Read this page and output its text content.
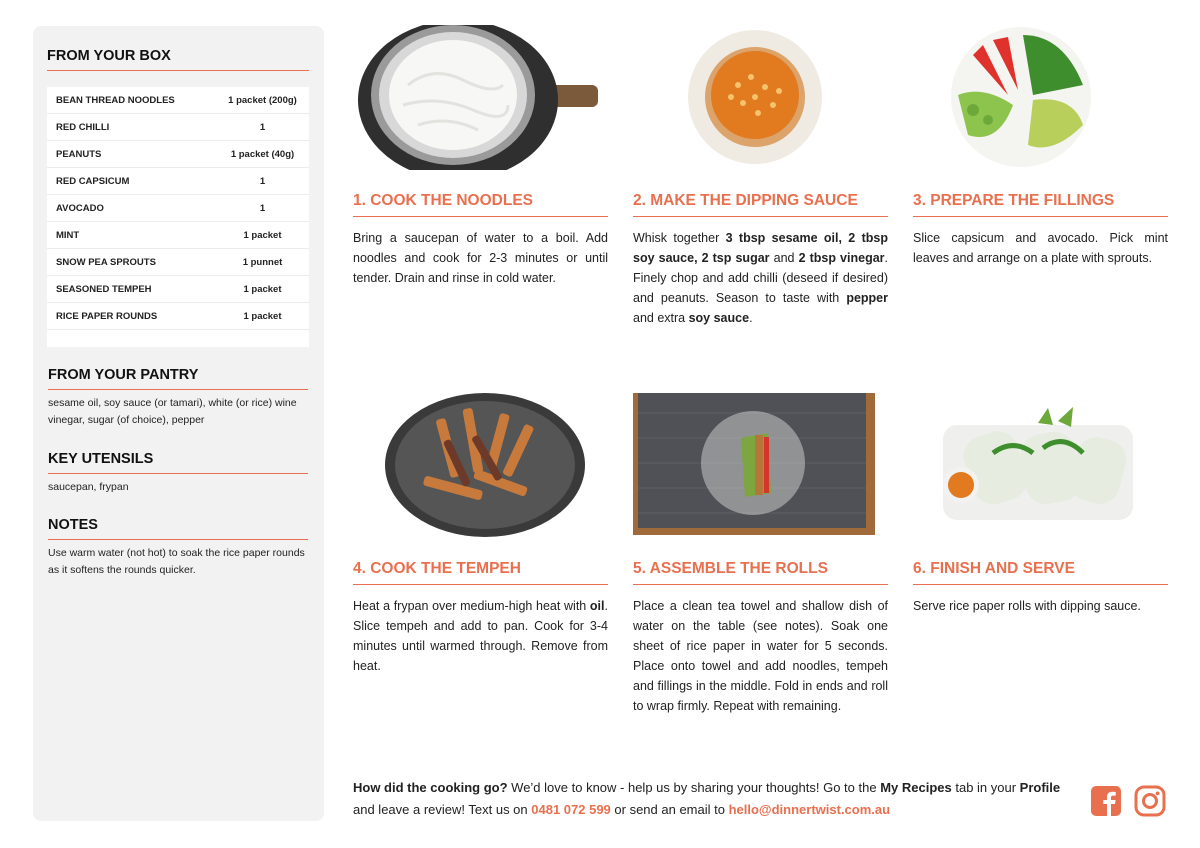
FROM YOUR BOX
BEAN THREAD NOODLES	1 packet (200g)
RED CHILLI	1
PEANUTS	1 packet (40g)
RED CAPSICUM	1
AVOCADO	1
MINT	1 packet
SNOW PEA SPROUTS	1 punnet
SEASONED TEMPEH	1 packet
RICE PAPER ROUNDS	1 packet
FROM YOUR PANTRY
sesame oil, soy sauce (or tamari), white (or rice) wine vinegar, sugar (of choice), pepper
KEY UTENSILS
saucepan, frypan
NOTES
Use warm water (not hot) to soak the rice paper rounds as it softens the rounds quicker.
1. COOK THE NOODLES	2. MAKE THE DIPPING SAUCE	3. PREPARE THE FILLINGS
4. COOK THE TEMPEH	5. ASSEMBLE THE ROLLS	6. FINISH AND SERVE
Bring a saucepan of water to a boil. Add noodles and cook for 2-3 minutes or until tender. Drain and rinse in cold water.
Whisk together 3 tbsp sesame oil, 2 tbsp soy sauce, 2 tsp sugar and 2 tbsp vinegar. Finely chop and add chilli (deseed if desired) and peanuts. Season to taste with pepper and extra soy sauce.
Slice capsicum and avocado. Pick mint leaves and arrange on a plate with sprouts.
Heat a frypan over medium-high heat with oil. Slice tempeh and add to pan. Cook for 3-4 minutes until warmed through. Remove from heat.
Place a clean tea towel and shallow dish of water on the table (see notes). Soak one sheet of rice paper in water for 5 seconds. Place onto towel and add noodles, tempeh and fillings in the middle. Fold in ends and roll to wrap firmly. Repeat with remaining.
Serve rice paper rolls with dipping sauce.
How did the cooking go? We’d love to know - help us by sharing your thoughts! Go to the My Recipes tab in your Profile and leave a review! Text us on 0481 072 599 or send an email to hello@dinnertwist.com.au
